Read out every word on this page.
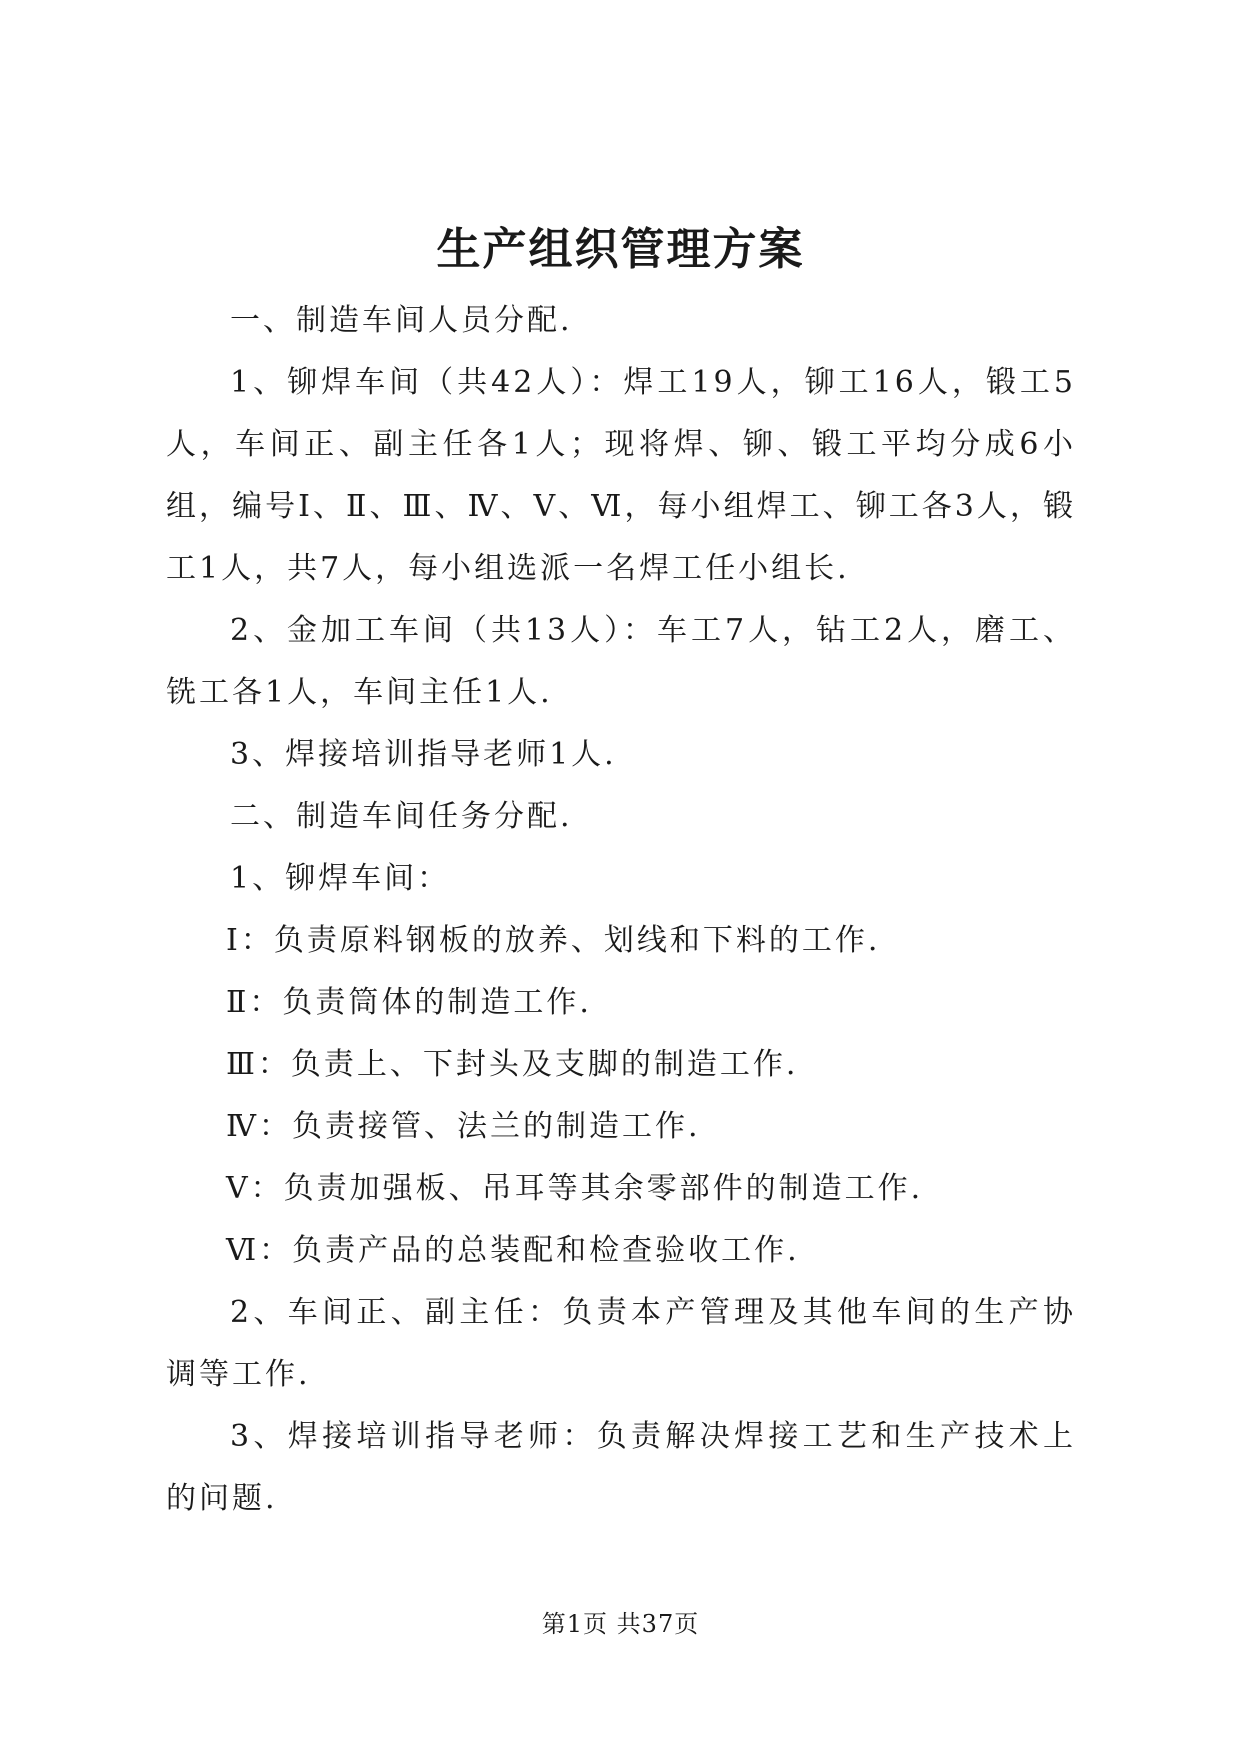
生产组织管理方案

一、制造车间人员分配.

1、铆焊车间（共42人）：焊工19人，铆工16人，锻工5人，车间正、副主任各1人；现将焊、铆、锻工平均分成6小组，编号Ⅰ、Ⅱ、Ⅲ、Ⅳ、Ⅴ、Ⅵ，每小组焊工、铆工各3人，锻工1人，共7人，每小组选派一名焊工任小组长.

2、金加工车间（共13人）：车工7人，钻工2人，磨工、铣工各1人，车间主任1人.

3、焊接培训指导老师1人.

二、制造车间任务分配.

1、铆焊车间：

Ⅰ：负责原料钢板的放养、划线和下料的工作.

Ⅱ：负责筒体的制造工作.

Ⅲ：负责上、下封头及支脚的制造工作.

Ⅳ：负责接管、法兰的制造工作.

Ⅴ：负责加强板、吊耳等其余零部件的制造工作.

Ⅵ：负责产品的总装配和检查验收工作.

2、车间正、副主任：负责本产管理及其他车间的生产协调等工作.

3、焊接培训指导老师：负责解决焊接工艺和生产技术上的问题.

第1页 共37页
